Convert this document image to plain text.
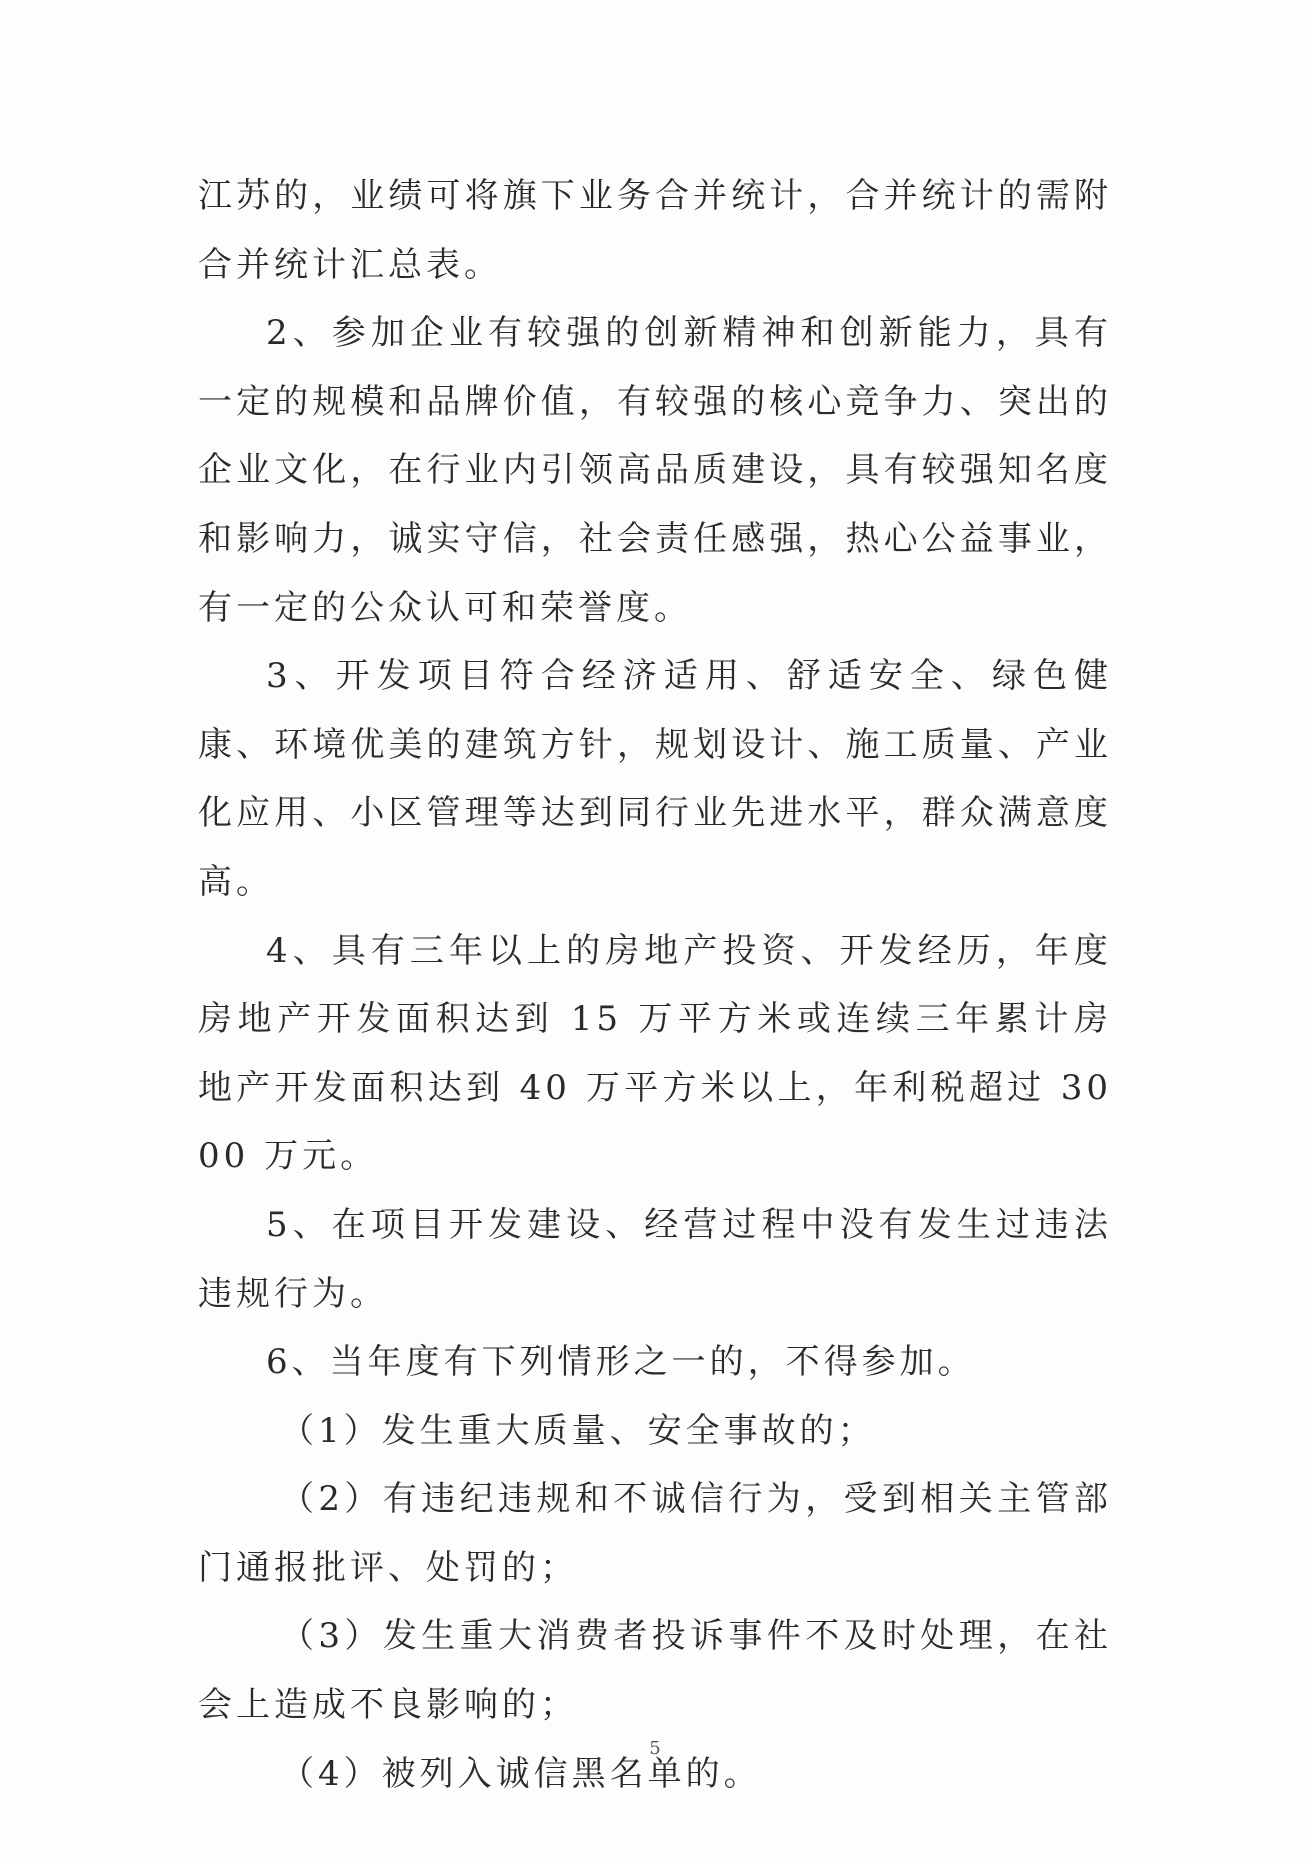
江苏的，业绩可将旗下业务合并统计，合并统计的需附合并统计汇总表。

2、参加企业有较强的创新精神和创新能力，具有一定的规模和品牌价值，有较强的核心竞争力、突出的企业文化，在行业内引领高品质建设，具有较强知名度和影响力，诚实守信，社会责任感强，热心公益事业，有一定的公众认可和荣誉度。

3、开发项目符合经济适用、舒适安全、绿色健康、环境优美的建筑方针，规划设计、施工质量、产业化应用、小区管理等达到同行业先进水平，群众满意度高。

4、具有三年以上的房地产投资、开发经历，年度房地产开发面积达到 15 万平方米或连续三年累计房地产开发面积达到 40 万平方米以上，年利税超过 3000 万元。

5、在项目开发建设、经营过程中没有发生过违法违规行为。

6、当年度有下列情形之一的，不得参加。

（1）发生重大质量、安全事故的；

（2）有违纪违规和不诚信行为，受到相关主管部门通报批评、处罚的；

（3）发生重大消费者投诉事件不及时处理，在社会上造成不良影响的；

（4）被列入诚信黑名单的。

5
